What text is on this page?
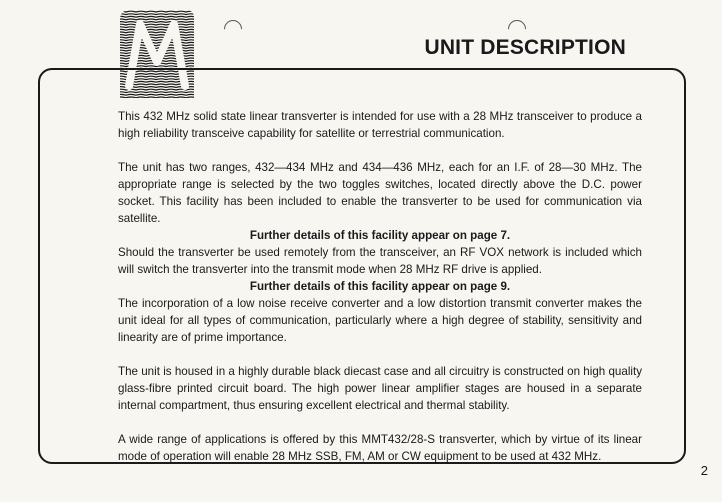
UNIT DESCRIPTION

This 432 MHz solid state linear transverter is intended for use with a 28 MHz transceiver to produce a high reliability transceive capability for satellite or terrestrial communication.

The unit has two ranges, 432—434 MHz and 434—436 MHz, each for an I.F. of 28—30 MHz. The appropriate range is selected by the two toggles switches, located directly above the D.C. power socket. This facility has been included to enable the transverter to be used for communication via satellite.

Further details of this facility appear on page 7.

Should the transverter be used remotely from the transceiver, an RF VOX network is included which will switch the transverter into the transmit mode when 28 MHz RF drive is applied.

Further details of this facility appear on page 9.

The incorporation of a low noise receive converter and a low distortion transmit converter makes the unit ideal for all types of communication, particularly where a high degree of stability, sensitivity and linearity are of prime importance.

The unit is housed in a highly durable black diecast case and all circuitry is constructed on high quality glass-fibre printed circuit board. The high power linear amplifier stages are housed in a separate internal compartment, thus ensuring excellent electrical and thermal stability.

A wide range of applications is offered by this MMT432/28-S transverter, which by virtue of its linear mode of operation will enable 28 MHz SSB, FM, AM or CW equipment to be used at 432 MHz.

2
